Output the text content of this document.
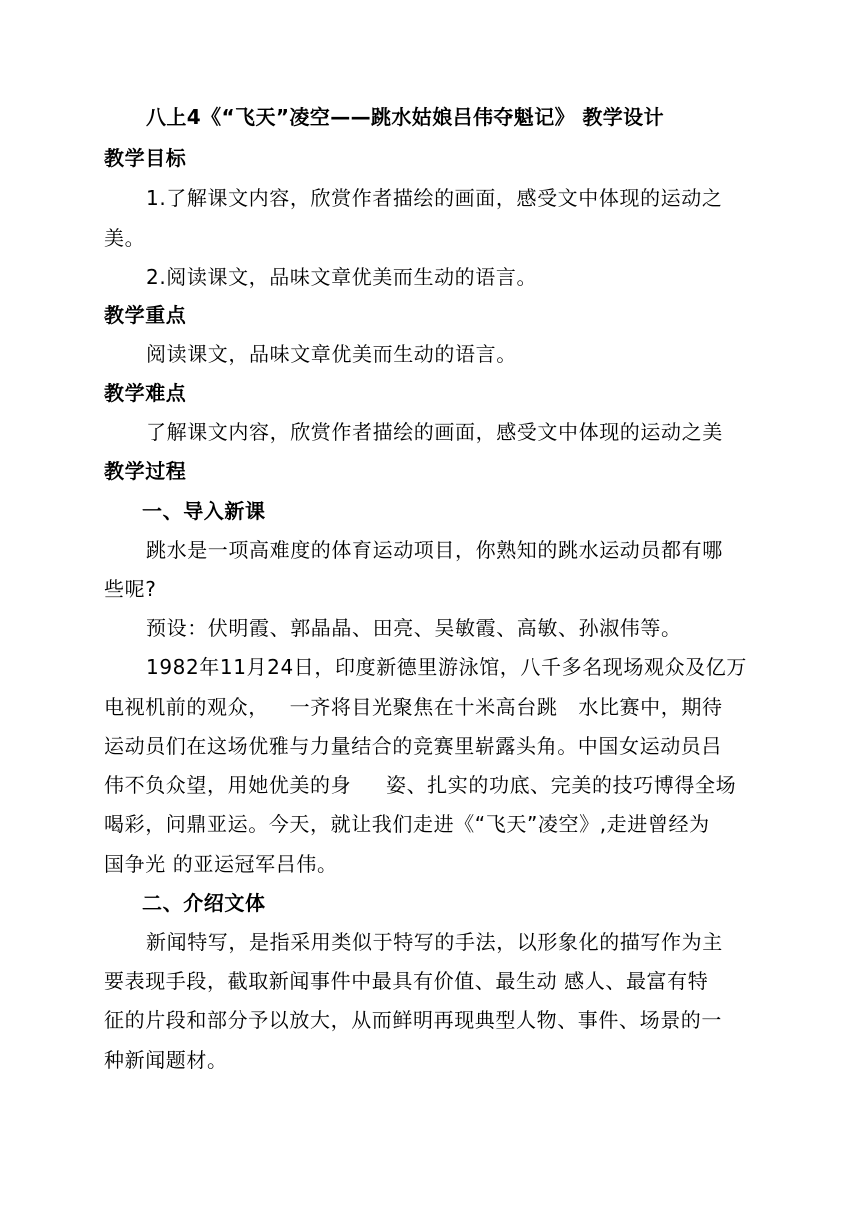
八上4《“飞天”凌空——跳水姑娘吕伟夺魁记》 教学设计
教学目标
1.了解课文内容，欣赏作者描绘的画面，感受文中体现的运动之
美。
2.阅读课文，品味文章优美而生动的语言。
教学重点
阅读课文，品味文章优美而生动的语言。
教学难点
了解课文内容，欣赏作者描绘的画面，感受文中体现的运动之美
教学过程
一、导入新课
跳水是一项高难度的体育运动项目，你熟知的跳水运动员都有哪
些呢?
预设：伏明霞、郭晶晶、田亮、吴敏霞、高敏、孙淑伟等。
1982年11月24日，印度新德里游泳馆，八千多名现场观众及亿万
电视机前的观众，   一齐将目光聚焦在十米高台跳   水比赛中，期待
运动员们在这场优雅与力量结合的竞赛里崭露头角。中国女运动员吕
伟不负众望，用她优美的身     姿、扎实的功底、完美的技巧博得全场
喝彩，问鼎亚运。今天，就让我们走进《“飞天”凌空》,走进曾经为
国争光 的亚运冠军吕伟。
二、介绍文体
新闻特写，是指采用类似于特写的手法，以形象化的描写作为主
要表现手段，截取新闻事件中最具有价值、最生动 感人、最富有特
征的片段和部分予以放大，从而鲜明再现典型人物、事件、场景的一
种新闻题材。
